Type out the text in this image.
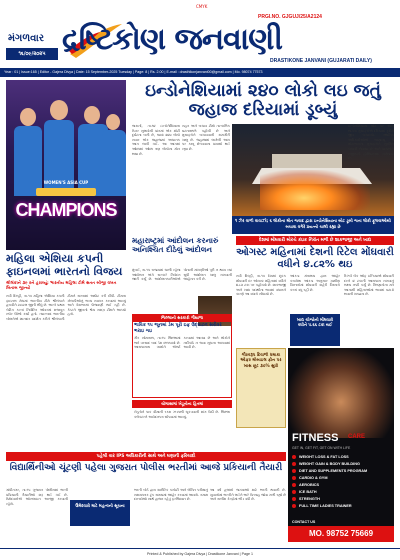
CMYK
PRGI.NO. GJGUJ/25/A2124
મંગળવાર
૧૬/૦૯/૨૦૨૫ દ્રષ્ટિકોણ જનવાણી
DRASTIKONE JANVANI (GUJARATI DAILY)
Year : 01 | Issue:165 | Editor - Gajera Divya | Date: 15 September-2025 Tuesday | Page: 8 | Rs. 2.00 | E-mail : drasthikonjanvani00@gmail.com | Mo. 98074 77573
WOMEN'S ASIA CUP
CHAMPIONS
ઇન્ડોનેશિયામાં ૨૪૦ લોકો લઇ જતું જહાજ દરિયામાં ડૂબ્યું
જકાર્તા, તા.૧૪ ઇન્ડોનેશિયાના ઉત્તર સુલાવેસી પ્રાંતમાં એક મોટી દુર્ઘટના બની છે, જ્યાં ૨૪૦ લોકો સવાર એક જહાજમાં અચાનક આગ લાગી ગઈ. આ આગમાં ઓછામાં ઓછા ત્રણ લોકોના મોત થયા છે.
રાહત અને બચાવ ટીમો તાત્કાલિક ઘટનાસ્થળે પહોંચી છે અને મુસાફરોને બચાવવાની કામગીરી ચાલુ છે. જહાજમાં લાગેલી આગ પર કાબૂ મેળવવાના પ્રયાસો થઈ રહ્યા છે.
૧ ઝેર વાળી વાવાઝો; ૬ લોકોના મોત જવાદ દ્વારા ઇન્ડોનેશિયાના બોટ ડૂબી જતા લોકો ફૂલવાઓથી બચાવા વગેરે પ્રયત્નો ચાલી રહ્યા છે
ઇન્ડોનેશિયામાં બોટ પર આગ લાગતા મુસાફરોએ દરિયામાં કૂદીને જીવ બચાવ્યો. સ્થાનિક અધિકારીઓએ જણાવ્યું કે મોટાભાગના મુસાફરોને સુરક્ષિત બચાવી લેવાયા છે અને ઘાયલોને નજીકની હોસ્પિટલમાં ખસેડાયા છે.
મહિલા એશિયા કપની ફાઇનલમાં ભારતનો વિજય
શ્રીલંકાને ૩૯ રને હરાવ્યું; ભારતીય મહિલા ટીમે સતત બીજી વખત ખિતાબ જીત્યો
નવી દિલ્હી, તા.૧૫ મહિલા એશિયા કપની ફાઇનલ મેચમાં ભારતીય ટીમે શ્રીલંકાને હરાવીને ટાઇટલ જીતી લીધું છે. ભારતે પ્રથમ બેટિંગ કરતાં નિર્ધારિત ઓવરમાં મજબૂત સ્કોર ઊભો કર્યો હતો. ત્યારબાદ ભારતીય બોલરોએ શાનદાર પ્રદર્શન કરીને શ્રીલંકાની ટીમને સસ્તામાં આઉટ કરી દીધી. ટીમના ખેલાડીઓનું ભવ્ય સ્વાગત કરવામાં આવ્યું અને દેશભરમાં ઉજવણી થઈ રહી છે. કેપ્ટને જીતનો શ્રેય સમગ્ર ટીમને આપ્યો હતો.
મહારાષ્ટ્રમાં આંદોલન કરનારું અનિશ્ચિત દીઠેલું આંદોલન
મુંબઈ, તા.૧૫ રાજ્યમાં ચાલી રહેલા આંદોલન અંગે સરકારે નિવેદન જારી કર્યું છે. આંદોલનકારીઓએ પોતાની માંગણીઓ પૂરી ન થાય ત્યાં સુધી આંદોલન ચાલુ રાખવાની જાહેરાત કરી છે.
જિલ્લાની સરકારી ગૌશાળા
ભાવિક ૧૫ જૂનમાં ડેમ પૂરો ઇફ ઉદ્ઘાટન સરોવર ભરાઇ ગઇ
ગીર સોમનાથ, તા.૧૫ જિલ્લામાં ભારે વરસાદ બાદ ડેમ છલકાયો છે. આસપાસના ગામોને એલર્ટ કરવામાં આવ્યા છે અને લોકોને નદીકાંઠે ન જવા સૂચના આપવામાં આવી છે.
ચોમાસામાં ખેડૂતોના હિતમાં
ખેડૂતોને પાક વીમાની રકમ ઝડપથી ચૂકવવાની માંગ ઉઠી છે. જિલ્લા કલેક્ટરને આવેદનપત્ર સોંપવામાં આવ્યું.
દેશમાં મોંઘવારી મોરચે કંઇક નિરાંત મળી છે શાકભાજી અને ખાદ્ય
ઓગસ્ટ મહિનામાં દેશની રિટેલ મોંઘવારી વધીને ૪.૮૨% થઇ
નવી દિલ્હી, તા.૧૫ દેશમાં છૂટક મોંઘવારી દર ઓગસ્ટ મહિનામાં વધીને ૪.૮૨ ટકા પર પહોંચ્યો છે. શાકભાજી અને ખાદ્ય પદાર્થોના ભાવમાં વધારાને કારણે આ વધારો નોંધાયો છે.
આંકડા મંત્રાલય દ્વારા જાહેર કરાયેલા આંકડા અનુસાર ગ્રામીણ વિસ્તારોમાં મોંઘવારી શહેરી વિસ્તારો કરતાં વધુ રહી છે.
ખાદ્ય ચીજોની મોંઘવારી વધીને ૫.૬૬ ટકા થઈ
રિઝર્વ બેંક ઓફ ઇન્ડિયાએ મોંઘવારી દરને ૪ ટકાની આસપાસ રાખવાનું લક્ષ્ય નક્કી કર્યું છે. નિષ્ણાતોના મતે આગામી મહિનાઓમાં ભાવમાં ઘટાડો થવાની શક્યતા છે.
ગૌરવરૂપ દિવાળી ધમાકા ઓફર મોબાઇલ ફોન પર ખાસ છૂટ ૩૦% સુધી
FITNESS CARE
GET IN, GET FIT, GET ON WITH LIFE
WEIGHT LOSS & FAT LOSS
WEIGHT GAIN & BODY BUILDING
DIET AND SUPPLEMENTS PROGRAM
CARDIO & GYM
AEROBICS
ICE BATH
STRENGTH
FULL TIME LADIES TRAINER
CONTACT US
MO. 98752 75669
પહેલી વાર IPS અધિકારીની સાથે અને ઘણાની ફરિયાદો
વિદ્યાર્થિનીઓ ચૂંટણી પહેલા ગુજરાત પોલીસ ભરતીમાં આજે પ્રકિયાની તૈયારી
ગાંધીનગર, તા.૧૫ ગુજરાત પોલીસમાં ભરતી પ્રક્રિયાની તૈયારીઓ શરૂ થઈ ગઈ છે. ઉમેદવારોએ ઓનલાઇન અરજી કરવાની રહેશે.	ઉમેદવારો માટે મહત્વની સૂચના
ભરતી બોર્ડ દ્વારા શારીરિક કસોટી અને લેખિત પરીક્ષાનું સમયપત્રક ટૂંક સમયમાં જાહેર કરવામાં આવશે. તમામ દસ્તાવેજો સાથે હાજર રહેવું ફરજિયાત છે.
આ વર્ષે હજારો જગ્યાઓ માટે ભરતી થવાની છે. યુવાનોમાં ભરતીને લઈને ભારે ઉત્સાહ જોવા મળી રહ્યો છે અને તાલીમ કેન્દ્રોમાં ભીડ વધી છે.
Printed & Published by Gajera Divya | Drastikone Janvani | Page 1
